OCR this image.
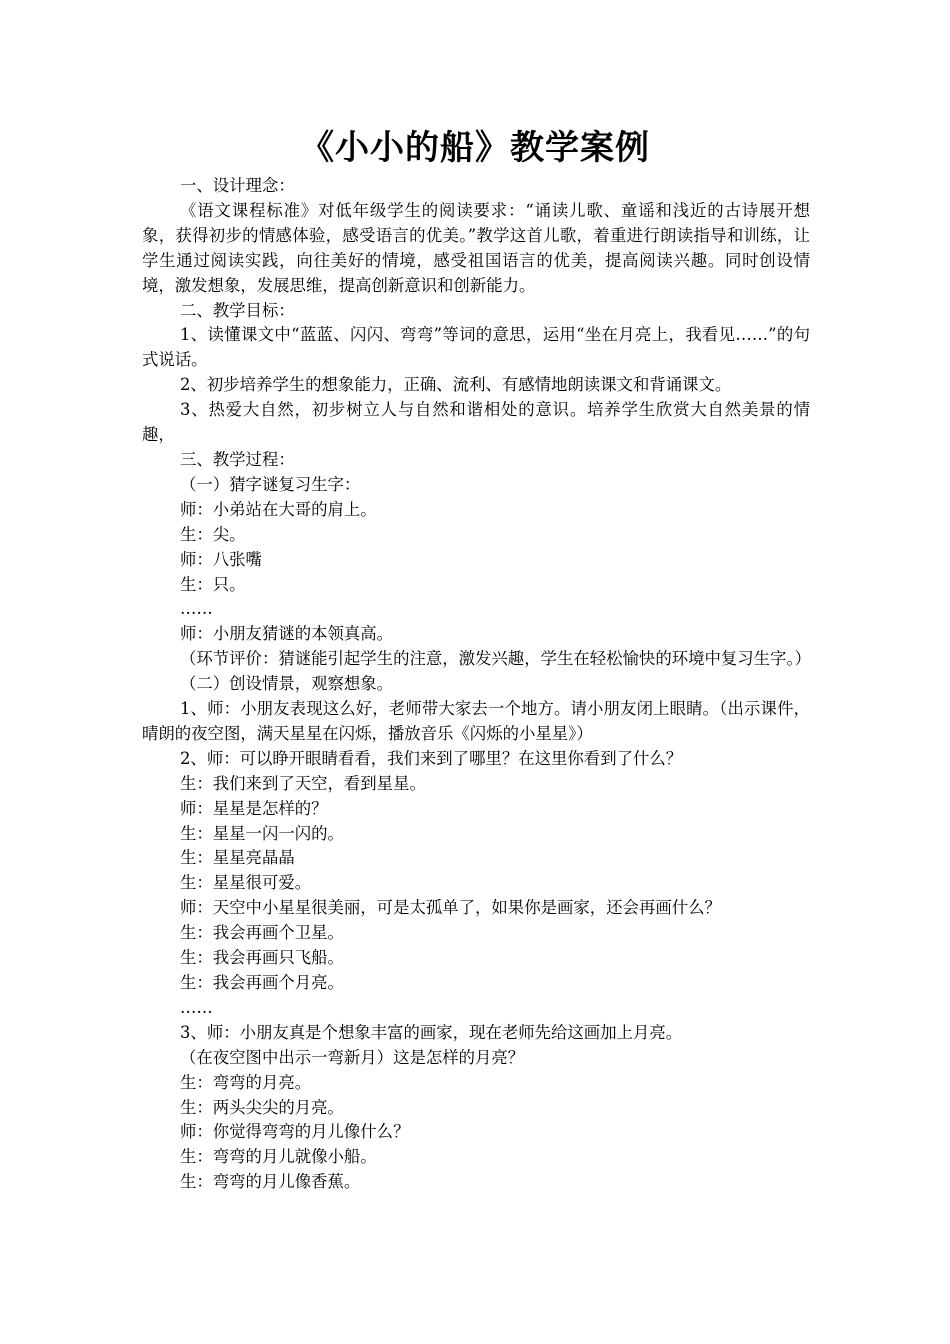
《小小的船》教学案例

一、设计理念：

《语文课程标准》对低年级学生的阅读要求：“诵读儿歌、童谣和浅近的古诗展开想象，获得初步的情感体验，感受语言的优美。”教学这首儿歌，着重进行朗读指导和训练，让学生通过阅读实践，向往美好的情境，感受祖国语言的优美，提高阅读兴趣。同时创设情境，激发想象，发展思维，提高创新意识和创新能力。

二、教学目标：

1、读懂课文中“蓝蓝、闪闪、弯弯”等词的意思，运用“坐在月亮上，我看见……”的句式说话。

2、初步培养学生的想象能力，正确、流利、有感情地朗读课文和背诵课文。

3、热爱大自然，初步树立人与自然和谐相处的意识。培养学生欣赏大自然美景的情趣，

三、教学过程：

（一）猜字谜复习生字：

师：小弟站在大哥的肩上。

生：尖。

师：八张嘴

生：只。

……

师：小朋友猜谜的本领真高。

（环节评价：猜谜能引起学生的注意，激发兴趣，学生在轻松愉快的环境中复习生字。）

（二）创设情景，观察想象。

1、师：小朋友表现这么好，老师带大家去一个地方。请小朋友闭上眼睛。（出示课件，晴朗的夜空图，满天星星在闪烁，播放音乐《闪烁的小星星》）

2、师：可以睁开眼睛看看，我们来到了哪里？在这里你看到了什么？

生：我们来到了天空，看到星星。

师：星星是怎样的？

生：星星一闪一闪的。

生：星星亮晶晶

生：星星很可爱。

师：天空中小星星很美丽，可是太孤单了，如果你是画家，还会再画什么？

生：我会再画个卫星。

生：我会再画只飞船。

生：我会再画个月亮。

……

3、师：小朋友真是个想象丰富的画家，现在老师先给这画加上月亮。

（在夜空图中出示一弯新月）这是怎样的月亮？

生：弯弯的月亮。

生：两头尖尖的月亮。

师：你觉得弯弯的月儿像什么？

生：弯弯的月儿就像小船。

生：弯弯的月儿像香蕉。
